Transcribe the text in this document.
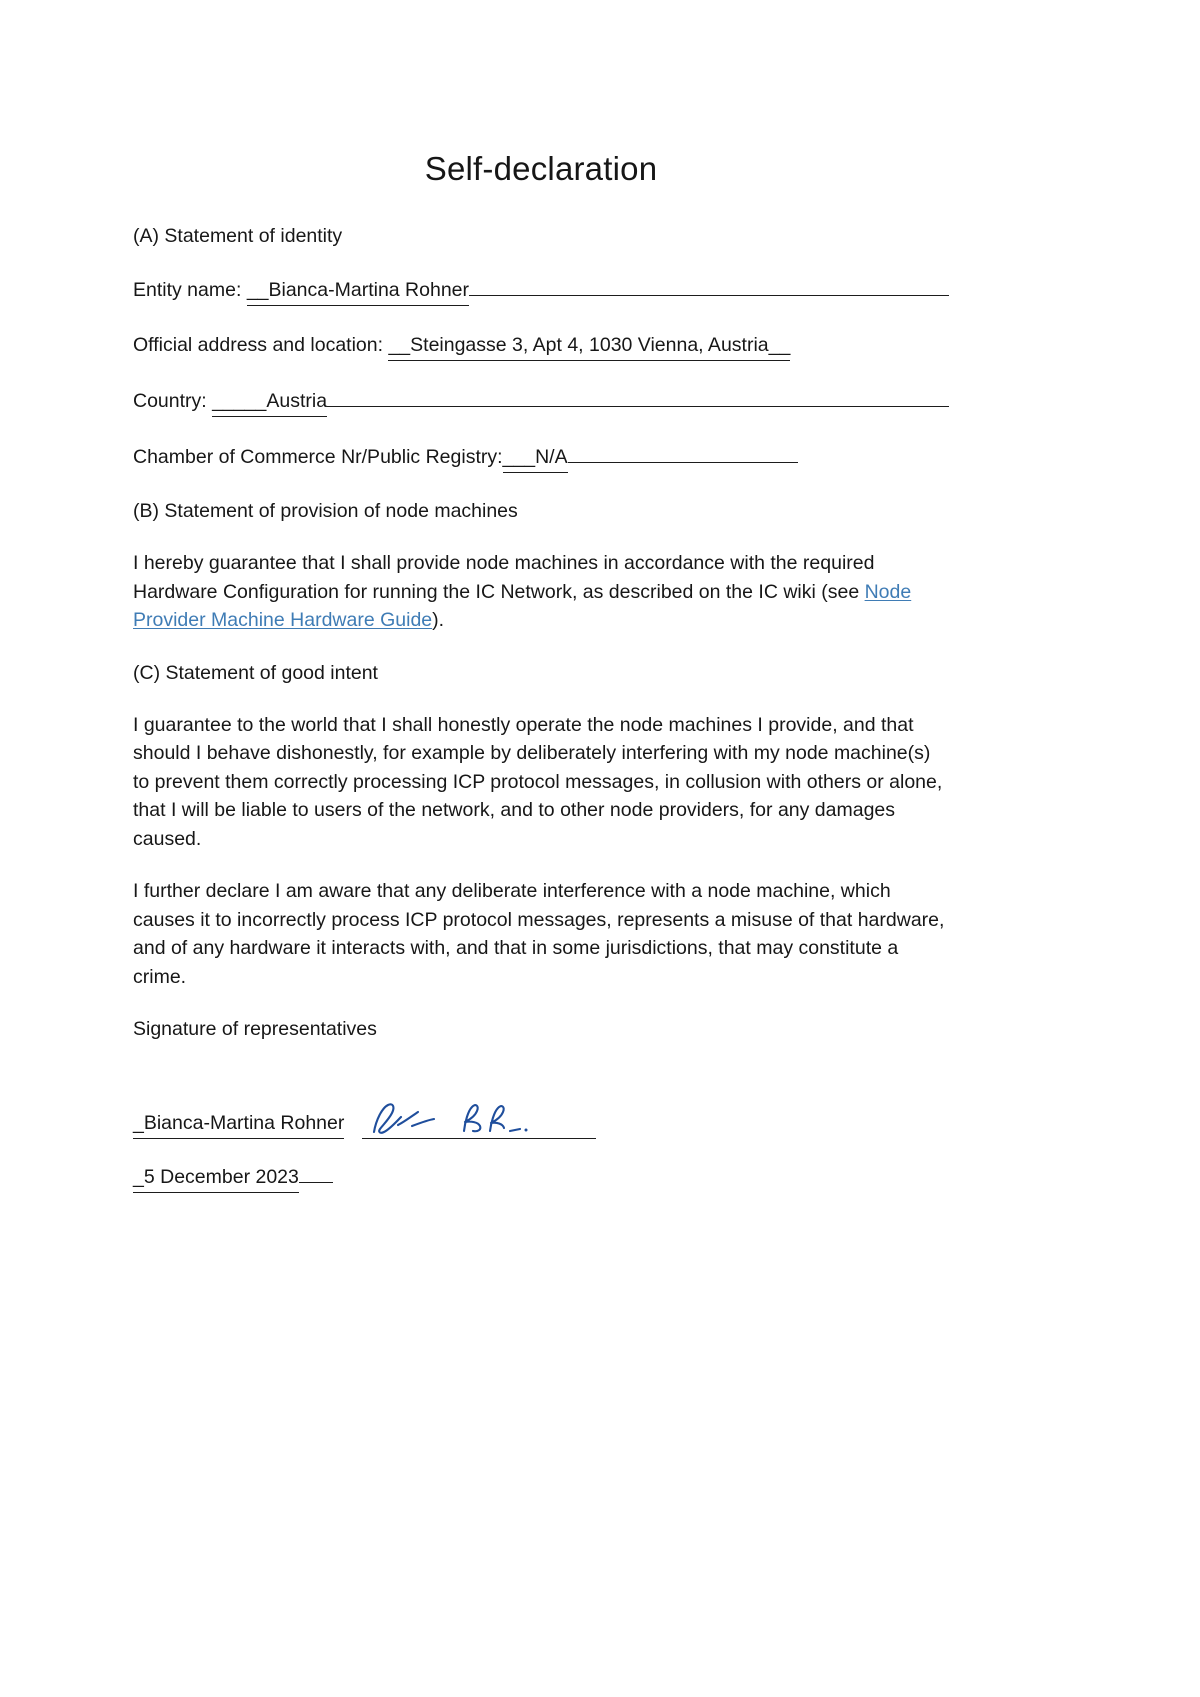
Self-declaration
(A) Statement of identity
Entity name: __Bianca-Martina Rohner
Official address and location: __Steingasse 3, Apt 4, 1030 Vienna, Austria__
Country: _____Austria
Chamber of Commerce Nr/Public Registry: ___N/A
(B) Statement of provision of node machines
I hereby guarantee that I shall provide node machines in accordance with the required Hardware Configuration for running the IC Network, as described on the IC wiki (see Node Provider Machine Hardware Guide).
(C) Statement of good intent
I guarantee to the world that I shall honestly operate the node machines I provide, and that should I behave dishonestly, for example by deliberately interfering with my node machine(s) to prevent them correctly processing ICP protocol messages, in collusion with others or alone, that I will be liable to users of the network, and to other node providers, for any damages caused.
I further declare I am aware that any deliberate interference with a node machine, which causes it to incorrectly process ICP protocol messages, represents a misuse of that hardware, and of any hardware it interacts with, and that in some jurisdictions, that may constitute a crime.
Signature of representatives
_Bianca-Martina Rohner

_5 December 2023
